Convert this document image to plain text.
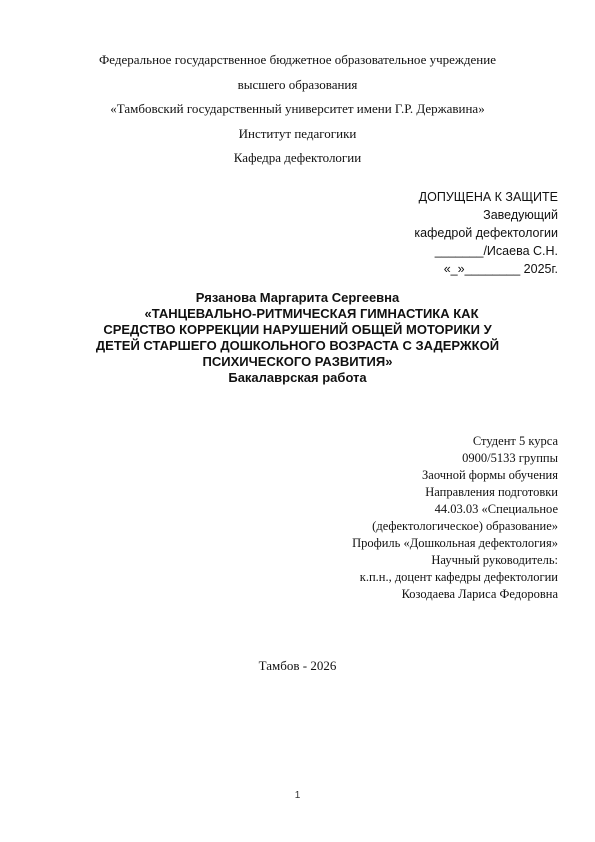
Федеральное государственное бюджетное образовательное учреждение
высшего образования
«Тамбовский государственный университет имени Г.Р. Державина»
Институт педагогики
Кафедра дефектологии
ДОПУЩЕНА К ЗАЩИТЕ
Заведующий
кафедрой дефектологии
_______/Исаева С.Н.
«_»________ 2025г.
Рязанова Маргарита Сергеевна
«ТАНЦЕВАЛЬНО-РИТМИЧЕСКАЯ ГИМНАСТИКА КАК
СРЕДСТВО КОРРЕКЦИИ НАРУШЕНИЙ ОБЩЕЙ МОТОРИКИ У
ДЕТЕЙ СТАРШЕГО ДОШКОЛЬНОГО ВОЗРАСТА С ЗАДЕРЖКОЙ
ПСИХИЧЕСКОГО РАЗВИТИЯ»
Бакалаврская работа
Студент 5 курса
0900/5133 группы
Заочной формы обучения
Направления подготовки
44.03.03 «Специальное
(дефектологическое) образование»
Профиль «Дошкольная дефектология»
Научный руководитель:
к.п.н., доцент кафедры дефектологии
Козодаева Лариса Федоровна
Тамбов - 2026
1
